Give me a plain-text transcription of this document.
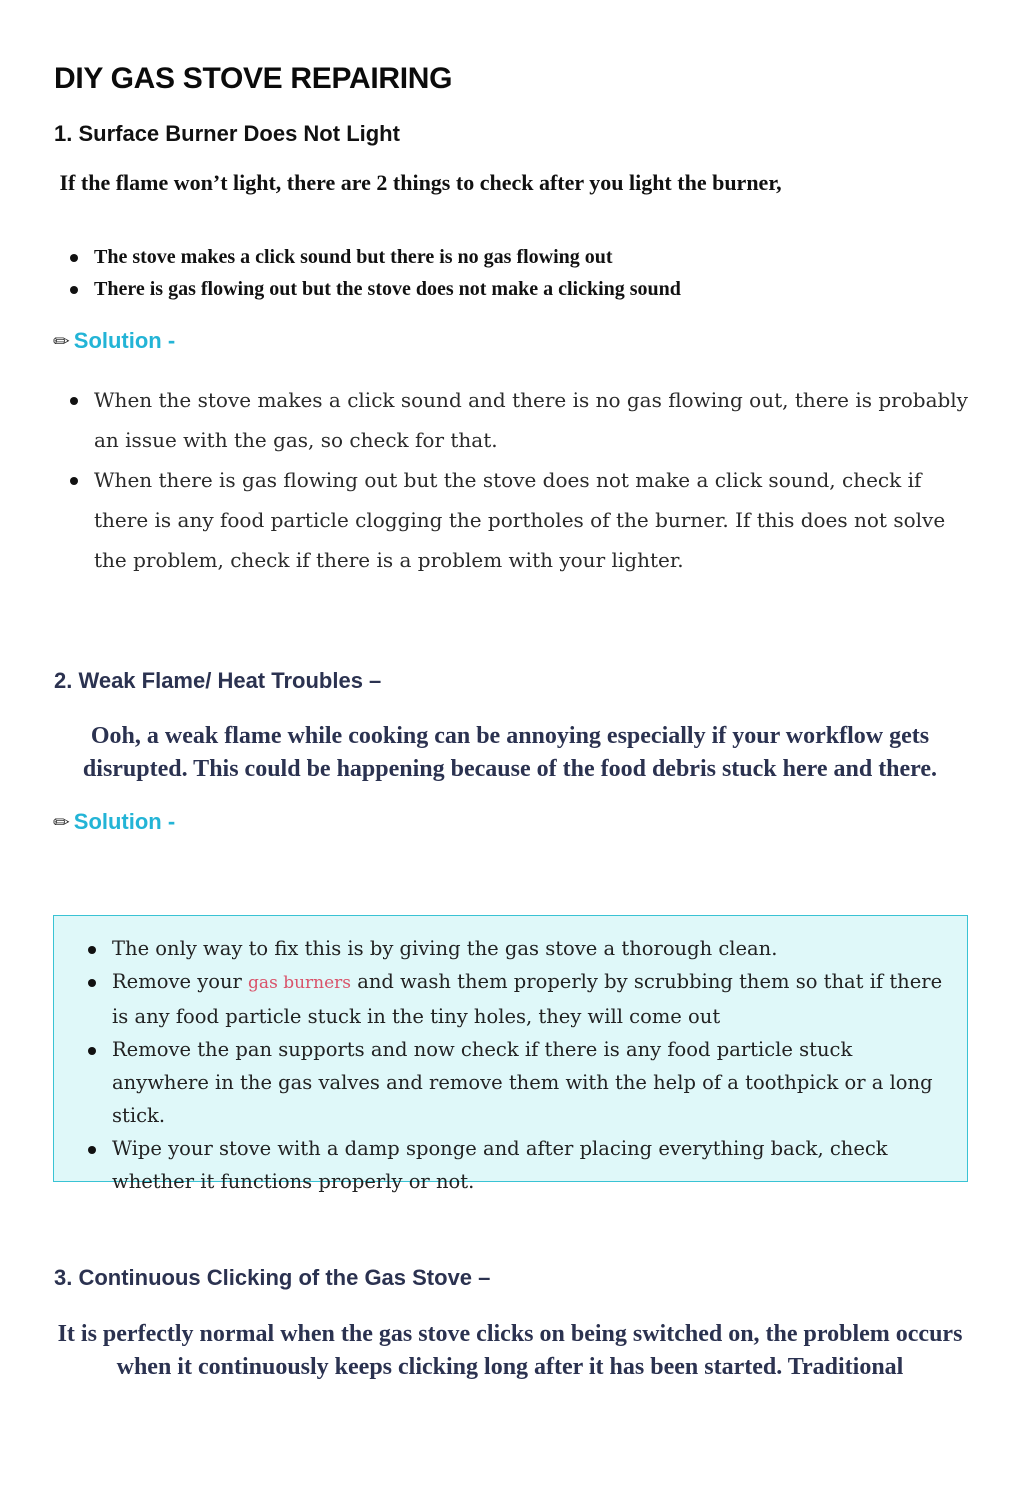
DIY GAS STOVE REPAIRING
1. Surface Burner Does Not Light

If the flame won’t light, there are 2 things to check after you light the burner,

The stove makes a click sound but there is no gas flowing out
There is gas flowing out but the stove does not make a clicking sound

✏ Solution -

When the stove makes a click sound and there is no gas flowing out, there is probably an issue with the gas, so check for that.
When there is gas flowing out but the stove does not make a click sound, check if there is any food particle clogging the portholes of the burner. If this does not solve the problem, check if there is a problem with your lighter.
2. Weak Flame/ Heat Troubles –

Ooh, a weak flame while cooking can be annoying especially if your workflow gets disrupted. This could be happening because of the food debris stuck here and there.

✏ Solution -

The only way to fix this is by giving the gas stove a thorough clean.
Remove your gas burners and wash them properly by scrubbing them so that if there is any food particle stuck in the tiny holes, they will come out
Remove the pan supports and now check if there is any food particle stuck anywhere in the gas valves and remove them with the help of a toothpick or a long stick.
Wipe your stove with a damp sponge and after placing everything back, check whether it functions properly or not.
3. Continuous Clicking of the Gas Stove –

It is perfectly normal when the gas stove clicks on being switched on, the problem occurs when it continuously keeps clicking long after it has been started. Traditional
